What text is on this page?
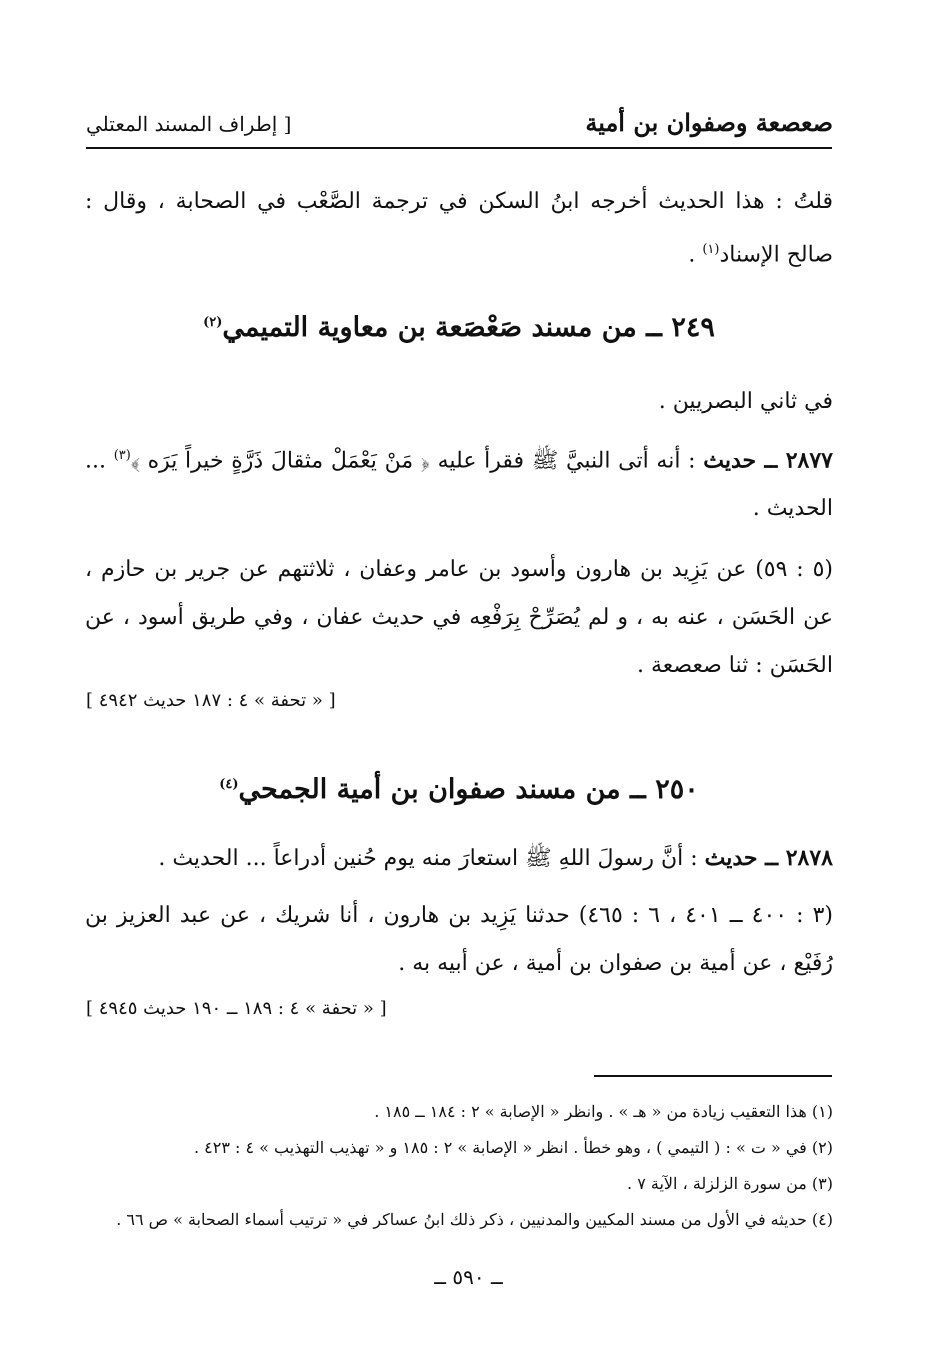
صعصعة وصفوان بن أمية
[ إطراف المسند المعتلي
قلتُ : هذا الحديث أخرجه ابنُ السكن في ترجمة الصَّعْب في الصحابة ، وقال : صالح الإسناد$^{(١)}$ .
٢٤٩ ــ من مسند صَعْصَعة بن معاوية التميمي$^{(٢)}$
في ثاني البصريين .
٢٨٧٧ ــ حديث : أنه أتى النبيَّ ﷺ فقرأ عليه ﴿ مَنْ يَعْمَلْ مثقالَ ذَرَّةٍ خيراً يَرَه ﴾$^{(٣)}$ ... الحديث .
(٥ : ٥٩) عن يَزِيد بن هارون وأسود بن عامر وعفان ، ثلاثتهم عن جرير بن حازم ، عن الحَسَن ، عنه به ، و لم يُصَرِّحْ بِرَفْعِه في حديث عفان ، وفي طريق أسود ، عن الحَسَن : ثنا صعصعة .
[ « تحفة » ٤ : ١٨٧ حديث ٤٩٤٢ ]
٢٥٠ ــ من مسند صفوان بن أمية الجمحي$^{(٤)}$
٢٨٧٨ ــ حديث : أنَّ رسولَ اللهِ ﷺ استعارَ منه يوم حُنين أدراعاً ... الحديث .
(٣ : ٤٠٠ ــ ٤٠١ ، ٦ : ٤٦٥) حدثنا يَزِيد بن هارون ، أنا شريك ، عن عبد العزيز بن رُفَيْع ، عن أمية بن صفوان بن أمية ، عن أبيه به .
[ « تحفة » ٤ : ١٨٩ ــ ١٩٠ حديث ٤٩٤٥ ]
(١) هذا التعقيب زيادة من « هـ » . وانظر « الإصابة » ٢ : ١٨٤ ــ ١٨٥ .
(٢) في « ت » : ( التيمي ) ، وهو خطأ . انظر « الإصابة » ٢ : ١٨٥ و « تهذيب التهذيب » ٤ : ٤٢٣ .
(٣) من سورة الزلزلة ، الآية ٧ .
(٤) حديثه في الأول من مسند المكيين والمدنيين ، ذكر ذلك ابنُ عساكر في « ترتيب أسماء الصحابة » ص ٦٦ .
ــ ٥٩٠ ــ
